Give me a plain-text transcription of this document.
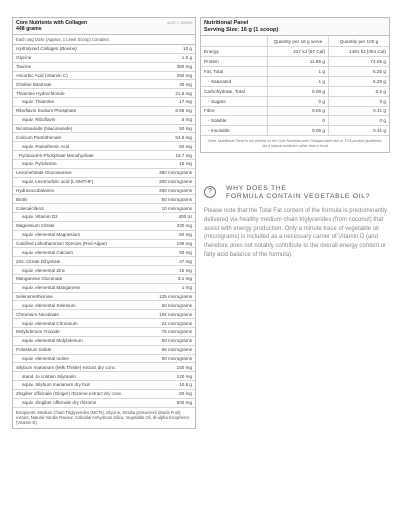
Core Nutrients with Collagen
448 grams
AUST L: 359936
Each 16g Dose (Approx. 1 Level Scoop) Contains:
Hydrolysed Collagen (Bovine)	10 g
Glycine	1.5 g
Taurine	350 mg
Ascorbic Acid (Vitamin C)	250 mg
Choline Bitartrate	30 mg
Thiamine Hydrochloride	21.6 mg
equiv. Thiamine	17 mg
Riboflavin Sodium Phosphate	6.58 mg
equiv. Riboflavin	5 mg
Nicotinamide (Niacinamide)	50 mg
Calcium Pantothenate	54.6 mg
equiv. Pantothenic Acid	50 mg
Pyridoxal-5-Phosphate Monohydrate	15.7 mg
equiv. Pyridoxine	10 mg
Levomefolate Glucosamine	360 micrograms
equiv. Levomefolic acid (L-5MTHF)	200 micrograms
Hydroxocobalamin	200 micrograms
Biotin	50 micrograms
Colecalciferol	10 micrograms
equiv. Vitamin D3	400 IU
Magnesium Citrate	330 mg
equiv. elemental Magnesium	50 mg
Calcified Lithothamnion Species (Red Algae)	156 mg
equiv. elemental Calcium	50 mg
Zinc Citrate Dihydrate	47 mg
equiv. elemental Zinc	15 mg
Manganese Gluconate	8.1 mg
equiv. elemental Manganese	1 mg
Selenomethionine	125 micrograms
equiv. elemental Selenium	50 micrograms
Chromium Nicotinate	194 micrograms
equiv. elemental Chromium	24 micrograms
Molybdenum Trioxide	75 micrograms
equiv. elemental Molybdenum	50 micrograms
Potassium Iodide	66 micrograms
equiv. elemental Iodine	50 micrograms
Silybum marianum (Milk Thistle) extract dry conc.	150 mg
stand. to contain Silymarin	120 mg
equiv. Silybum marianum dry fruit	10.5 g
Zingiber officinale (Ginger) rhizome extract dry conc.	50 mg
equiv. Zingiber officinale dry rhizome	500 mg
Excipients: Medium Chain Triglycerides (MCTs), Glycine, Siraitia grosvenorii (Monk Fruit) extract, Natural Vanilla Flavour, Colloidal Anhydrous Silica, Vegetable Oil, dl-alpha-tocopherol (Vitamin E).
Nutritional Panel
Serving Size: 16 g (1 scoop)
	Quantity per 16 g serve	Quantity per 100 g
Energy	237 kJ (57 Cal)	1481 kJ (354 Cal)
Protein	11.85 g	74.06 g
Fat, Total	1 g	6.25 g
- Saturated	1 g	6.25 g
Carbohydrate, Total	0.08 g	0.5 g
- Sugars	0 g	0 g
Fibre	0.05 g	0.31 g
- Soluble	0	0 g
- Insoluble	0.05 g	0.31 g
Note: Nutritional Panel is not printed on the Core Nutrients with Collagen label due to TGA product guidelines (as a natural medicine rather than a food)
?	WHY DOES THE
FORMULA CONTAIN VEGETABLE OIL?
Please note that the Total Fat content of the formula is predominantly delivered via healthy medium chain triglycerides (from coconut) that assist with energy production. Only a minute trace of vegetable oil (micrograms) is included as a necessary carrier of Vitamin D (and therefore does not notably contribute to the overall energy content or fatty acid balance of the formula).
